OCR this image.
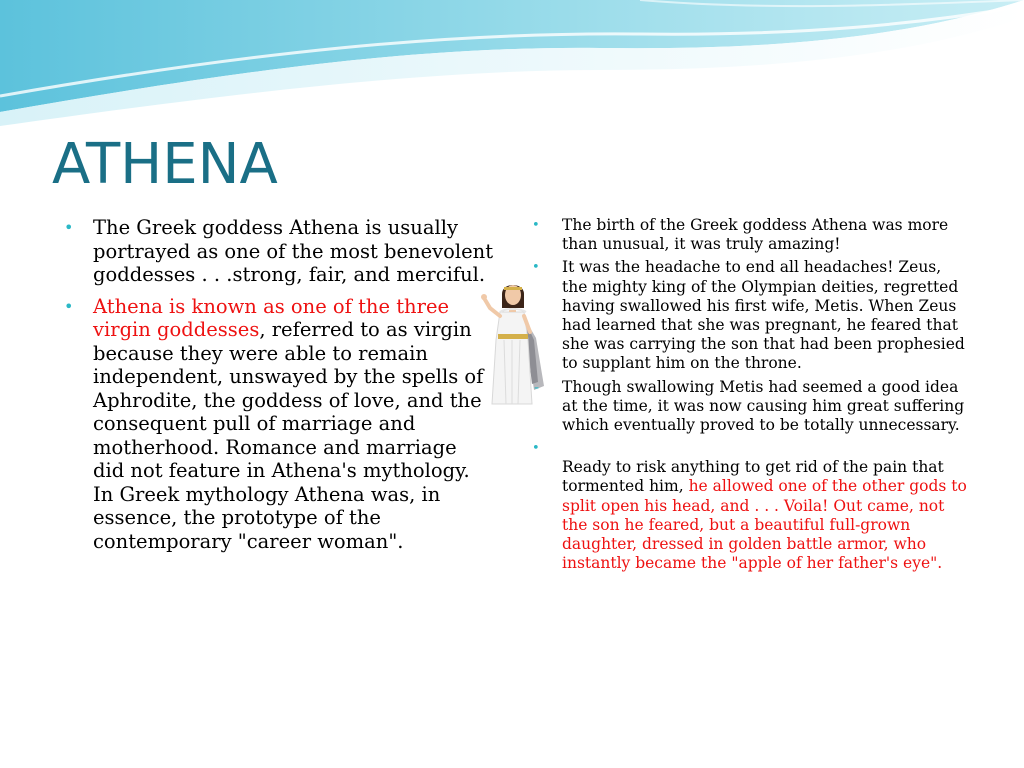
ATHENA
• The Greek goddess Athena is usually portrayed as one of the most benevolent goddesses . . .strong, fair, and merciful.
• Athena is known as one of the three virgin goddesses, referred to as virgin because they were able to remain independent, unswayed by the spells of Aphrodite, the goddess of love, and the consequent pull of marriage and motherhood. Romance and marriage did not feature in Athena's mythology. In Greek mythology Athena was, in essence, the prototype of the contemporary "career woman".
• The birth of the Greek goddess Athena was more than unusual, it was truly amazing!
• It was the headache to end all headaches! Zeus, the mighty king of the Olympian deities, regretted having swallowed his first wife, Metis. When Zeus had learned that she was pregnant, he feared that she was carrying the son that had been prophesied to supplant him on the throne.
- Though swallowing Metis had seemed a good idea at the time, it was now causing him great suffering which eventually proved to be totally unnecessary.
•
Ready to risk anything to get rid of the pain that tormented him, he allowed one of the other gods to split open his head, and . . . Voila! Out came, not the son he feared, but a beautiful full-grown daughter, dressed in golden battle armor, who instantly became the "apple of her father's eye".
